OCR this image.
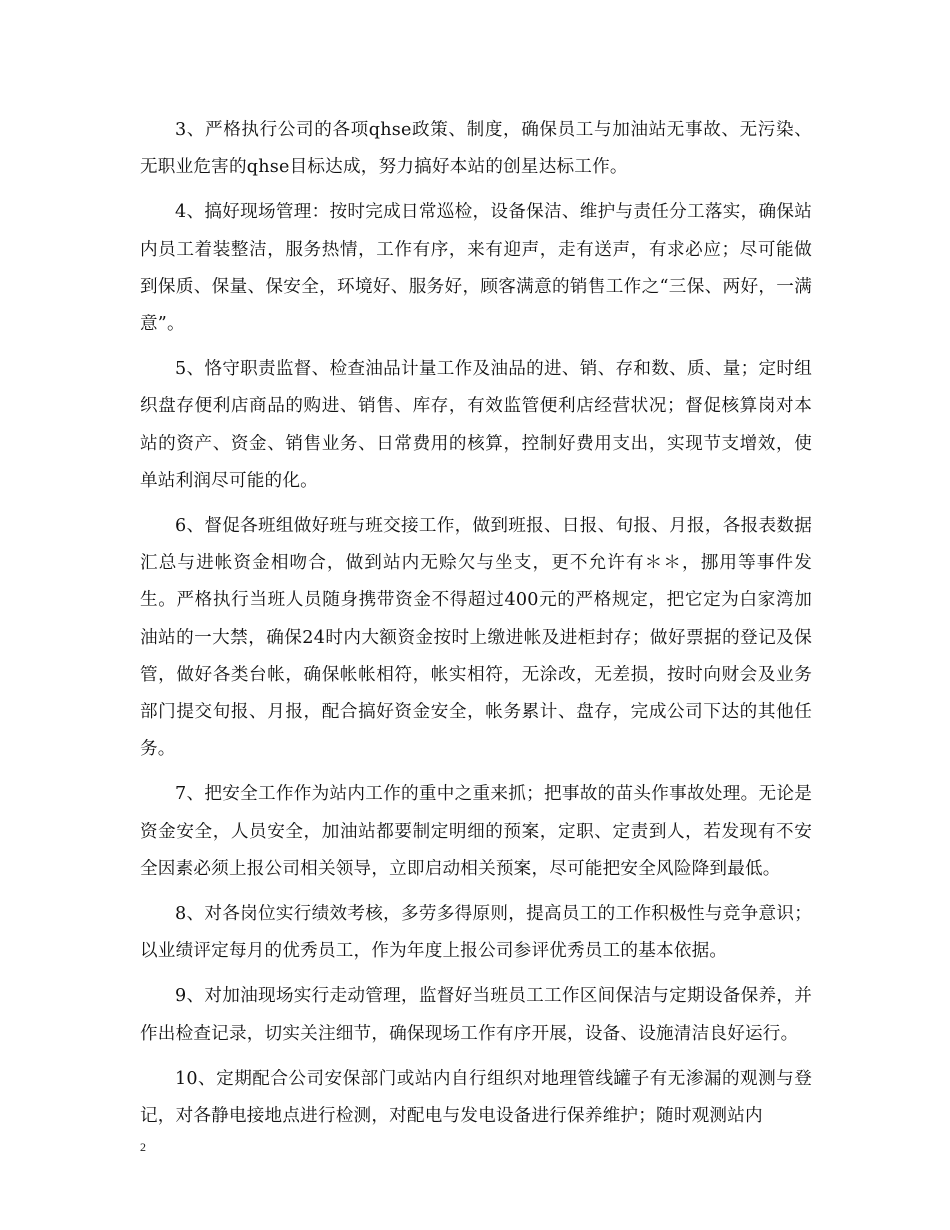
3、严格执行公司的各项qhse政策、制度，确保员工与加油站无事故、无污染、无职业危害的qhse目标达成，努力搞好本站的创星达标工作。

4、搞好现场管理：按时完成日常巡检，设备保洁、维护与责任分工落实，确保站内员工着装整洁，服务热情，工作有序，来有迎声，走有送声，有求必应；尽可能做到保质、保量、保安全，环境好、服务好，顾客满意的销售工作之“三保、两好，一满意”。

5、恪守职责监督、检查油品计量工作及油品的进、销、存和数、质、量；定时组织盘存便利店商品的购进、销售、库存，有效监管便利店经营状况；督促核算岗对本站的资产、资金、销售业务、日常费用的核算，控制好费用支出，实现节支增效，使单站利润尽可能的化。

6、督促各班组做好班与班交接工作，做到班报、日报、旬报、月报，各报表数据汇总与进帐资金相吻合，做到站内无赊欠与坐支，更不允许有＊＊，挪用等事件发生。严格执行当班人员随身携带资金不得超过400元的严格规定，把它定为白家湾加油站的一大禁，确保24时内大额资金按时上缴进帐及进柜封存；做好票据的登记及保管，做好各类台帐，确保帐帐相符，帐实相符，无涂改，无差损，按时向财会及业务部门提交旬报、月报，配合搞好资金安全，帐务累计、盘存，完成公司下达的其他任务。

7、把安全工作作为站内工作的重中之重来抓；把事故的苗头作事故处理。无论是资金安全，人员安全，加油站都要制定明细的预案，定职、定责到人，若发现有不安全因素必须上报公司相关领导，立即启动相关预案，尽可能把安全风险降到最低。

8、对各岗位实行绩效考核，多劳多得原则，提高员工的工作积极性与竞争意识；以业绩评定每月的优秀员工，作为年度上报公司参评优秀员工的基本依据。

9、对加油现场实行走动管理，监督好当班员工工作区间保洁与定期设备保养，并作出检查记录，切实关注细节，确保现场工作有序开展，设备、设施清洁良好运行。

10、定期配合公司安保部门或站内自行组织对地理管线罐子有无渗漏的观测与登记，对各静电接地点进行检测，对配电与发电设备进行保养维护；随时观测站内

2
